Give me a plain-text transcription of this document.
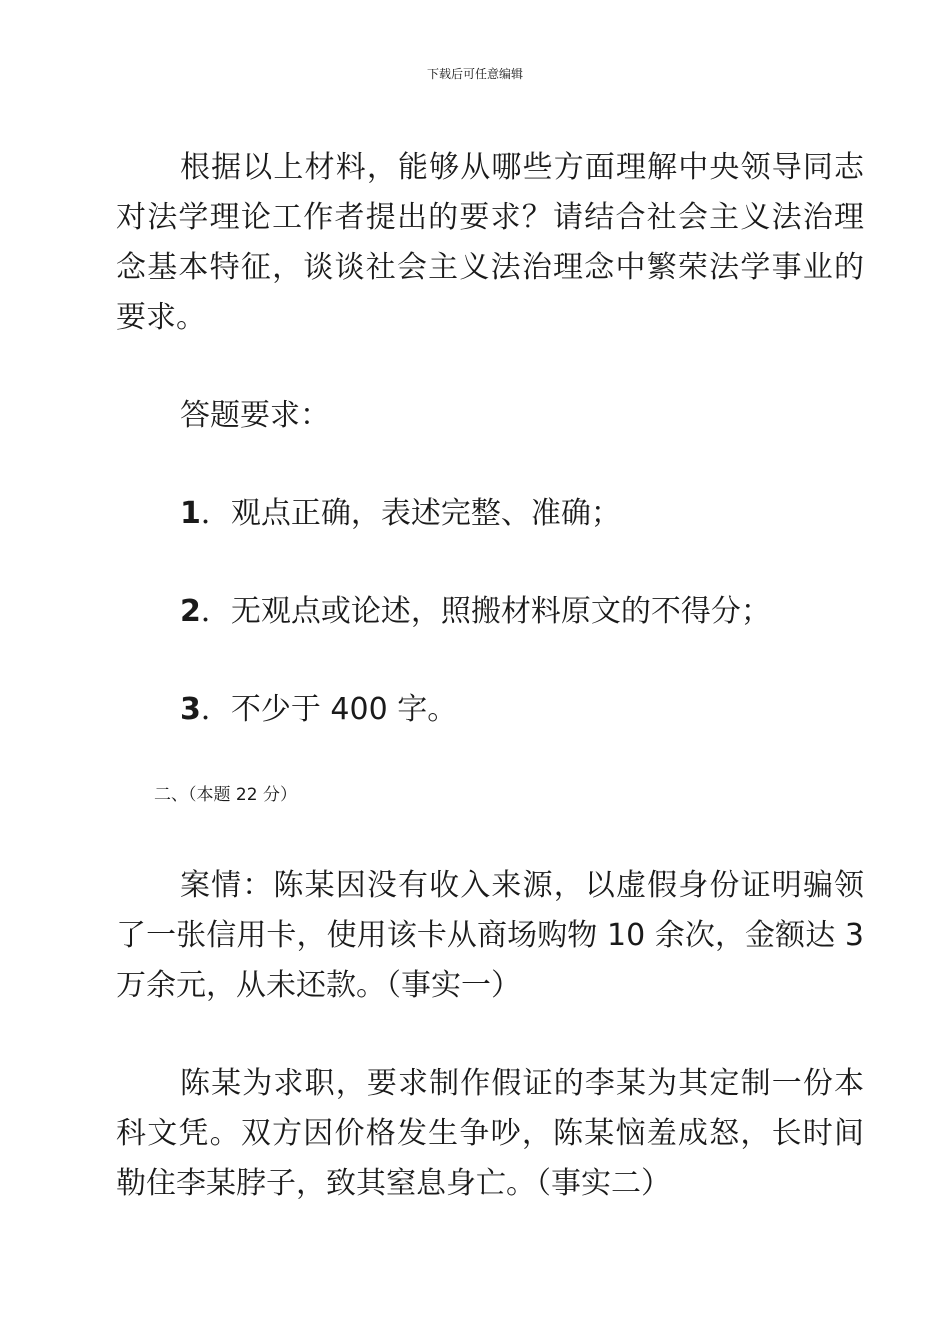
下载后可任意编辑

根据以上材料，能够从哪些方面理解中央领导同志对法学理论工作者提出的要求？请结合社会主义法治理念基本特征，谈谈社会主义法治理念中繁荣法学事业的要求。

答题要求：

1．观点正确，表述完整、准确；

2．无观点或论述，照搬材料原文的不得分；

3．不少于 400 字。

二、（本题 22 分）

案情：陈某因没有收入来源，以虚假身份证明骗领了一张信用卡，使用该卡从商场购物 10 余次，金额达 3 万余元，从未还款。（事实一）

陈某为求职，要求制作假证的李某为其定制一份本科文凭。双方因价格发生争吵，陈某恼羞成怒，长时间勒住李某脖子，致其窒息身亡。（事实二）
